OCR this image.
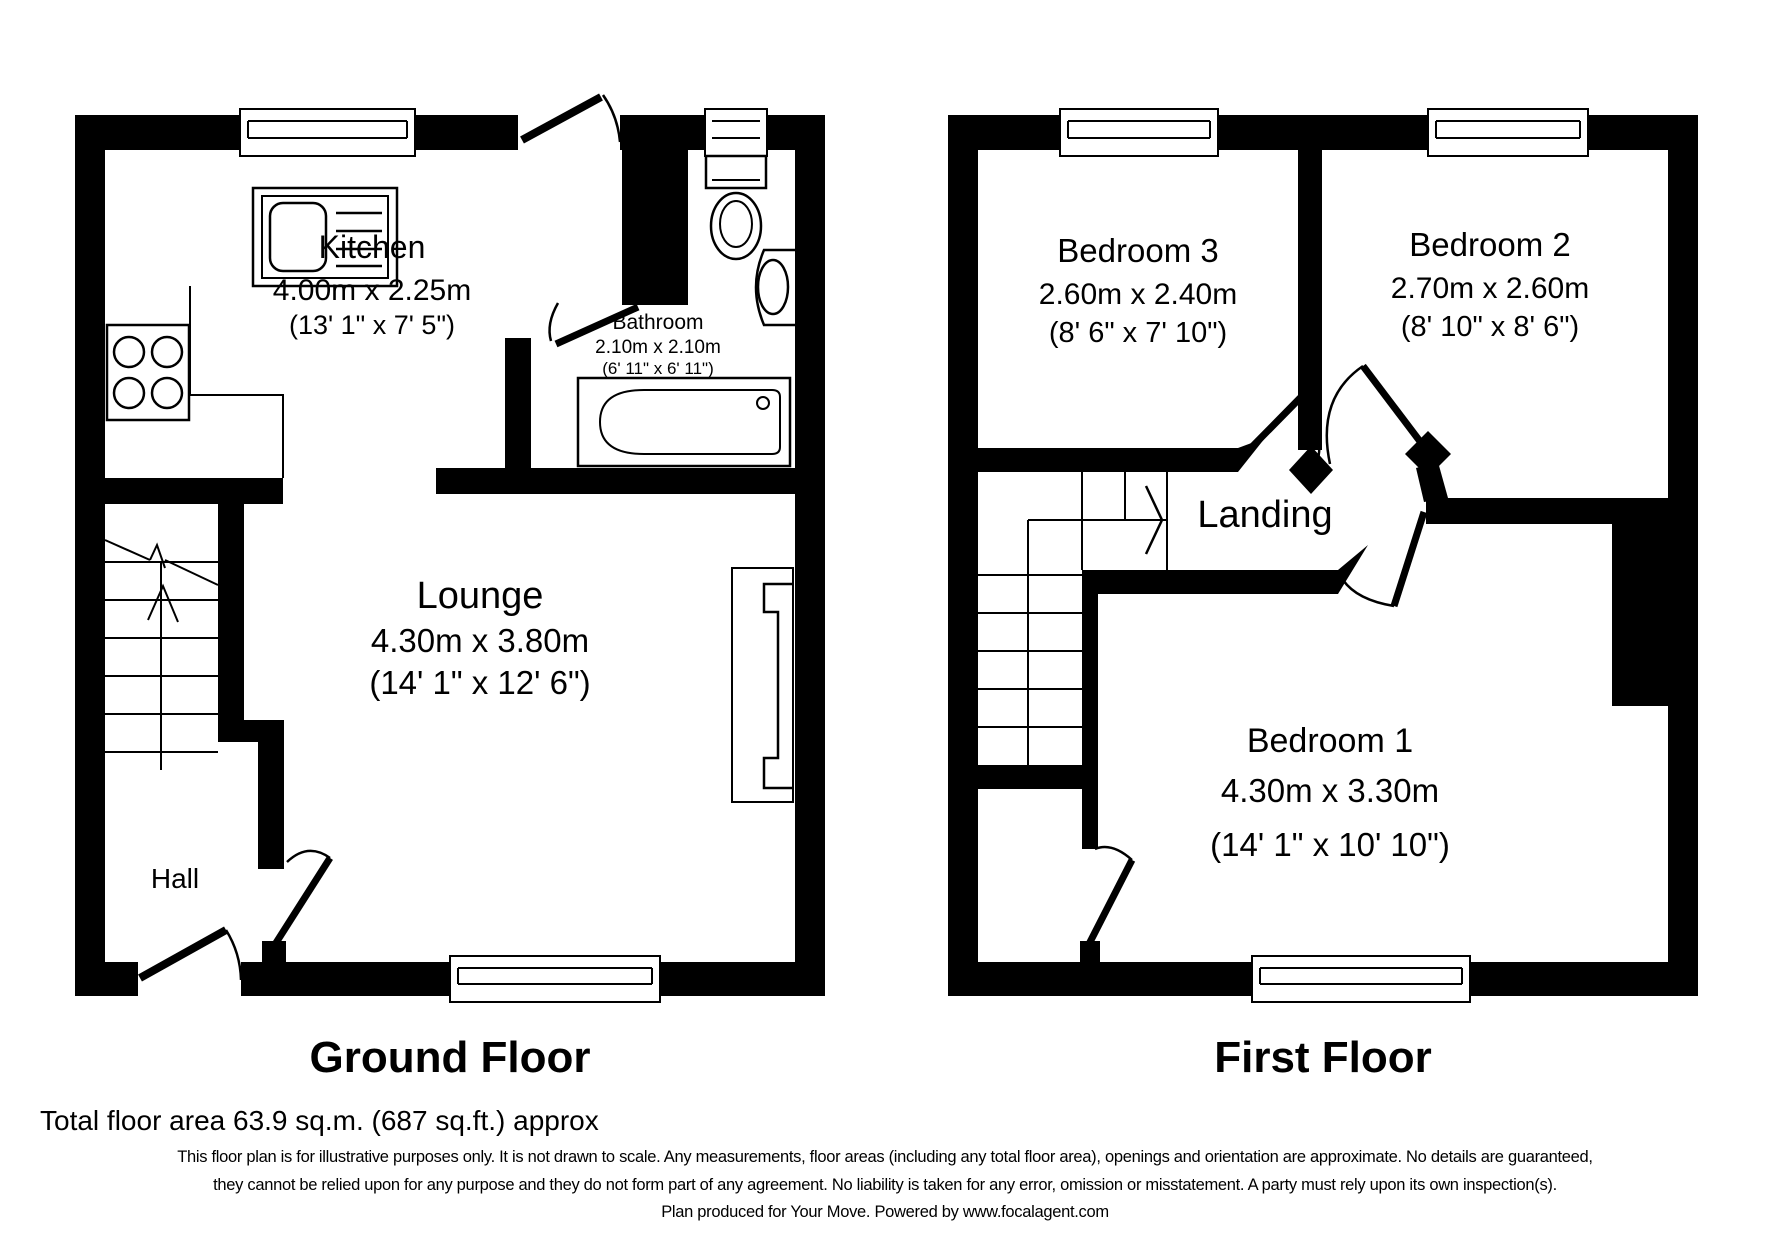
Kitchen
4.00m x 2.25m
(13' 1" x 7' 5")	Bathroom
2.10m x 2.10m
(6' 11" x 6' 11")
Lounge
4.30m x 3.80m
(14' 1" x 12' 6")
Hall
Bedroom 3
2.60m x 2.40m
(8' 6" x 7' 10")
Bedroom 2
2.70m x 2.60m
(8' 10" x 8' 6")
Landing
Bedroom 1
4.30m x 3.30m
(14' 1" x 10' 10")
Ground Floor	First Floor
Total floor area 63.9 sq.m. (687 sq.ft.) approx
This floor plan is for illustrative purposes only. It is not drawn to scale. Any measurements, floor areas (including any total floor area), openings and orientation are approximate. No details are guaranteed,
they cannot be relied upon for any purpose and they do not form part of any agreement. No liability is taken for any error, omission or misstatement. A party must rely upon its own inspection(s).
Plan produced for Your Move. Powered by www.focalagent.com
